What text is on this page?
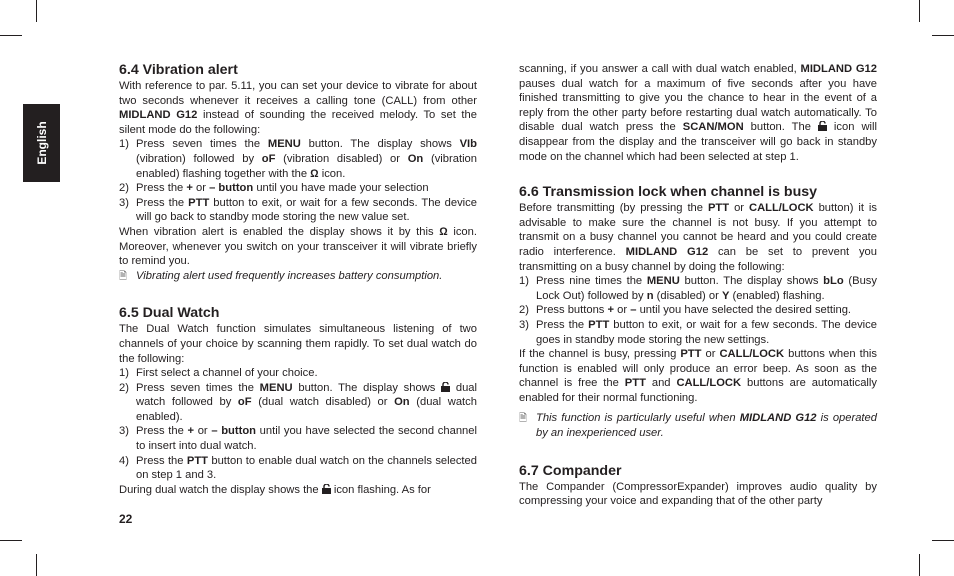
English
6.4 Vibration alert

With reference to par. 5.11, you can set your device to vibrate for about two seconds whenever it receives a calling tone (CALL) from other MIDLAND G12 instead of sounding the received melody. To set the silent mode do the following:

1) Press seven times the MENU button. The display shows VIb (vibration) followed by oF (vibration disabled) or On (vibration enabled) flashing together with the Ω icon.
2) Press the + or – button until you have made your selection
3) Press the PTT button to exit, or wait for a few seconds. The device will go back to standby mode storing the new value set.

When vibration alert is enabled the display shows it by this Ω icon. Moreover, whenever you switch on your transceiver it will vibrate briefly to remind you.

🗎 Vibrating alert used frequently increases battery consumption.
6.5 Dual Watch

The Dual Watch function simulates simultaneous listening of two channels of your choice by scanning them rapidly. To set dual watch do the following:

1) First select a channel of your choice.
2) Press seven times the MENU button. The display shows  dual watch followed by oF (dual watch disabled) or On (dual watch enabled).
3) Press the + or – button until you have selected the second channel to insert into dual watch.
4) Press the PTT button to enable dual watch on the channels selected on step 1 and 3.

During dual watch the display shows the  icon flashing. As for

22

scanning, if you answer a call with dual watch enabled, MIDLAND G12 pauses dual watch for a maximum of five seconds after you have finished transmitting to give you the chance to hear in the event of a reply from the other party before restarting dual watch automatically. To disable dual watch press the SCAN/MON button. The  icon will disappear from the display and the transceiver will go back in standby mode on the channel which had been selected at step 1.

6.6 Transmission lock when channel is busy

Before transmitting (by pressing the PTT or CALL/LOCK button) it is advisable to make sure the channel is not busy. If you attempt to transmit on a busy channel you cannot be heard and you could create radio interference. MIDLAND G12 can be set to prevent you transmitting on a busy channel by doing the following:

1) Press nine times the MENU button. The display shows bLo (Busy Lock Out) followed by n (disabled) or Y (enabled) flashing.
2) Press buttons + or – until you have selected the desired setting.
3) Press the PTT button to exit, or wait for a few seconds. The device goes in standby mode storing the new settings.

If the channel is busy, pressing PTT or CALL/LOCK buttons when this function is enabled will only produce an error beep. As soon as the channel is free the PTT and CALL/LOCK buttons are automatically enabled for their normal functioning.

🗎 This function is particularly useful when MIDLAND G12 is operated by an inexperienced user.
6.7 Compander

The Compander (CompressorExpander) improves audio quality by compressing your voice and expanding that of the other party
